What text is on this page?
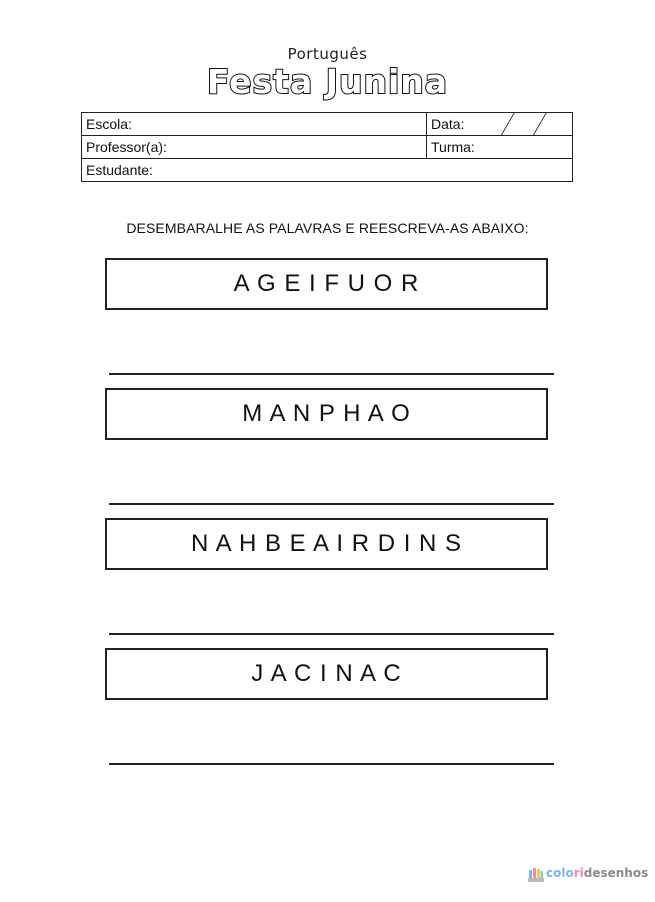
Português
Festa Junina
Escola:	Data:

Professor(a):	Turma:
Estudante:	
DESEMBARALHE AS PALAVRAS E REESCREVA-AS ABAIXO:
A G E I F U O R
M A N P H A O
N A H B E A I R D I N S
J A C I N A C
colo ri desenhos
